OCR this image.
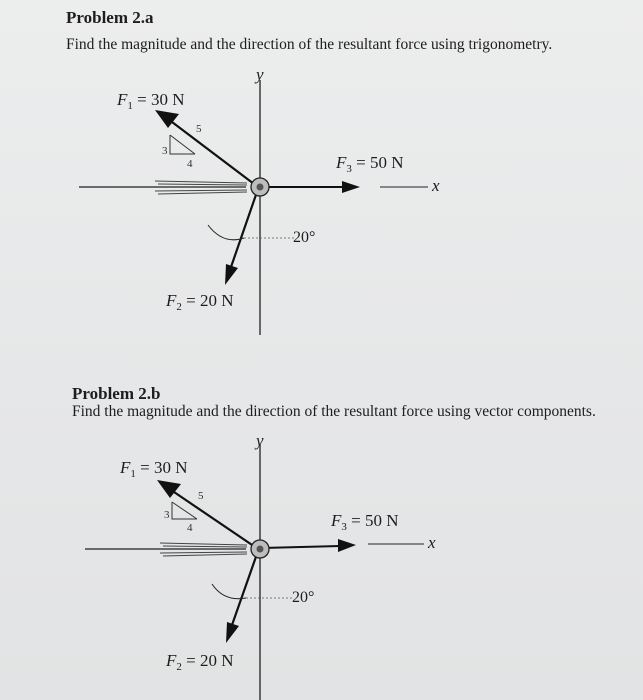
Problem 2.a
Find the magnitude and the direction of the resultant force using trigonometry.
y
x
5
3
4
20°
$F_1 = 30$ N
$F_3 = 50$ N
$F_2 = 20$ N
Problem 2.b
Find the magnitude and the direction of the resultant force using vector components.
y
x
5
3
4
20°
$F_1 = 30$ N
$F_3 = 50$ N
$F_2 = 20$ N
